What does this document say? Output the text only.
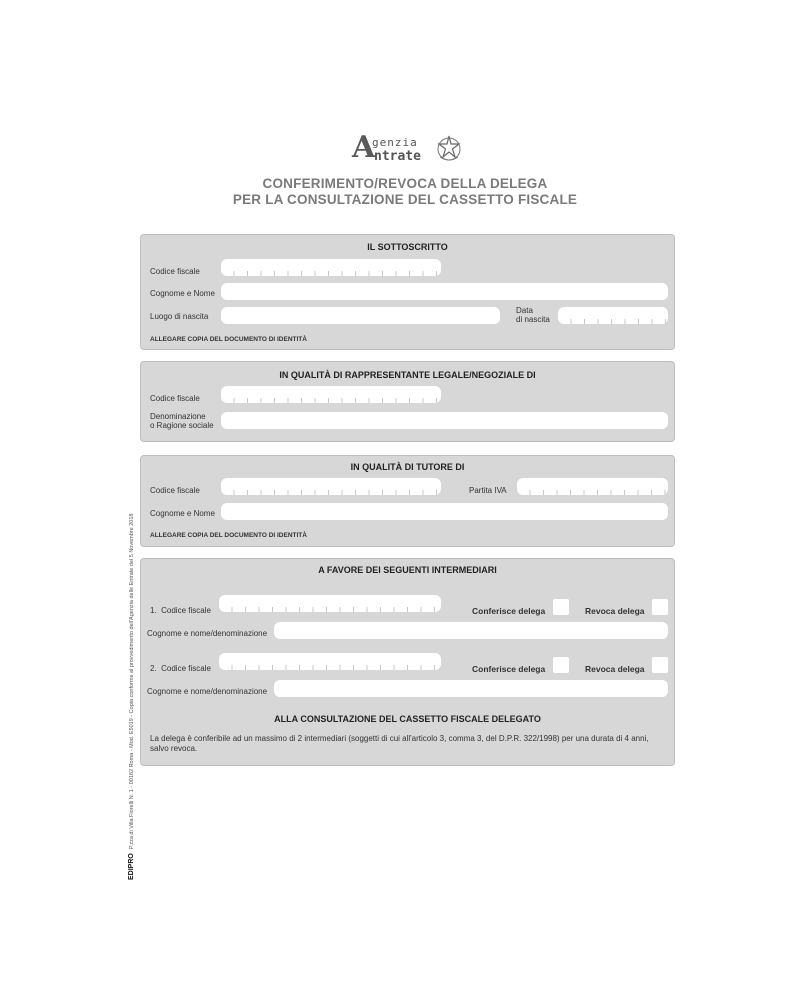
A
genzia
ntrate
CONFERIMENTO/REVOCA DELLA DELEGA
PER LA CONSULTAZIONE DEL CASSETTO FISCALE
IL SOTTOSCRITTO
Codice fiscale
Cognome e Nome
Luogo di nascita
Data
di nascita
ALLEGARE COPIA DEL DOCUMENTO DI IDENTITÀ
IN QUALITÀ DI RAPPRESENTANTE LEGALE/NEGOZIALE DI
Codice fiscale
Denominazione
o Ragione sociale
IN QUALITÀ DI TUTORE DI
Codice fiscale	Partita IVA
Cognome e Nome
ALLEGARE COPIA DEL DOCUMENTO DI IDENTITÀ
A FAVORE DEI SEGUENTI INTERMEDIARI
1. Codice fiscale	Conferisce delega	Revoca delega
Cognome e nome/denominazione
2. Codice fiscale	Conferisce delega	Revoca delega
Cognome e nome/denominazione
ALLA CONSULTAZIONE DEL CASSETTO FISCALE DELEGATO
La delega è conferibile ad un massimo di 2 intermediari (soggetti di cui all'articolo 3, comma 3, del D.P.R. 322/1998) per una durata di 4 anni, salvo revoca.
EDIPROP.zza di Villa Fiorelli N. 1 - 00182 Roma - Mod. E5019 - Copia conforme al provvedimento dell'Agenzia delle Entrate del 5 Novembre 2018
